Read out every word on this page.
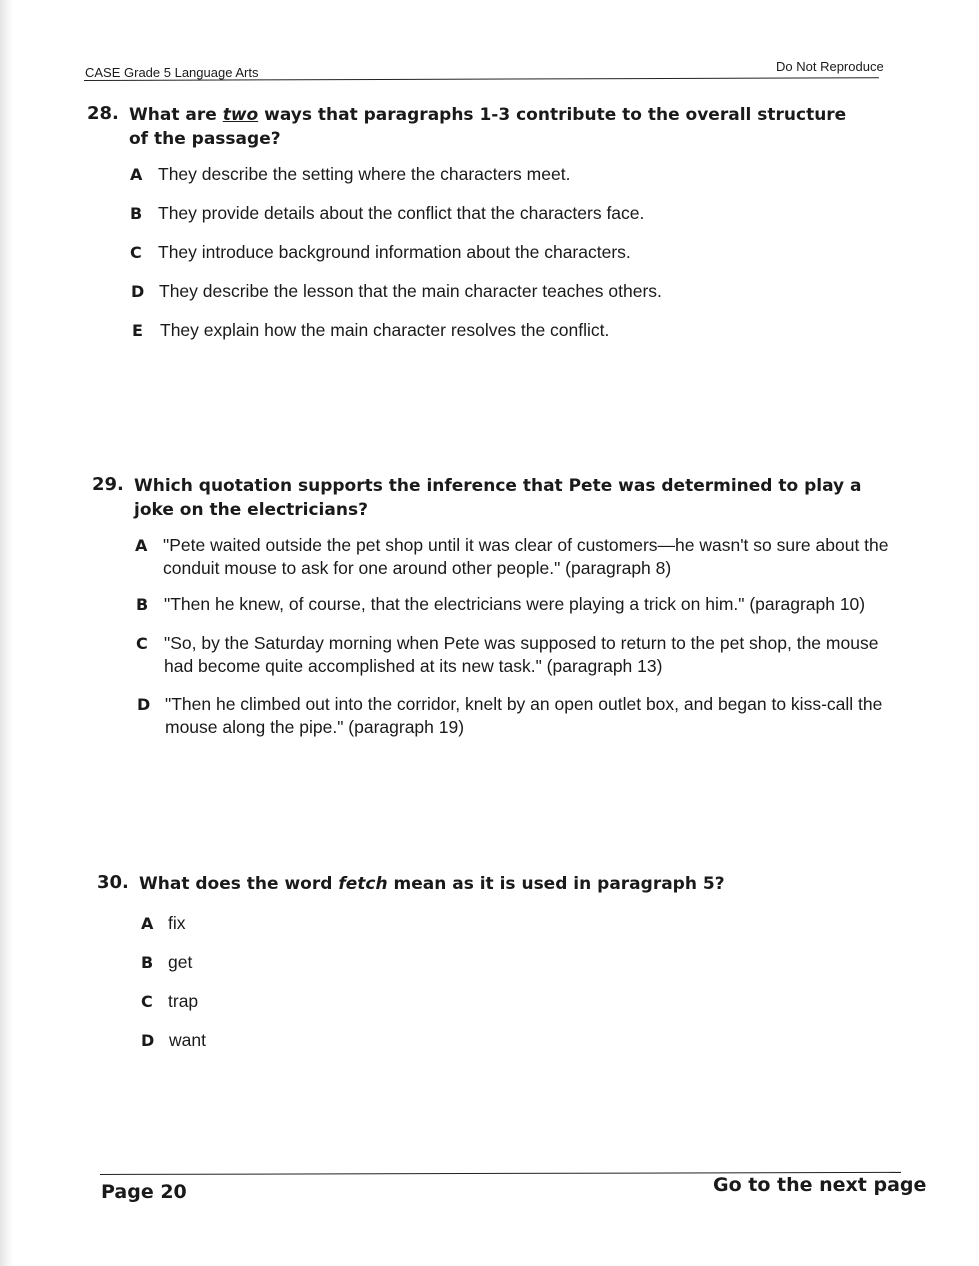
CASE Grade 5 Language Arts	Do Not Reproduce
28. What are two ways that paragraphs 1-3 contribute to the overall structure of the passage?
A They describe the setting where the characters meet.
B They provide details about the conflict that the characters face.
C They introduce background information about the characters.
D They describe the lesson that the main character teaches others.
E They explain how the main character resolves the conflict.
29. Which quotation supports the inference that Pete was determined to play a joke on the electricians?
A "Pete waited outside the pet shop until it was clear of customers—he wasn't so sure about the conduit mouse to ask for one around other people." (paragraph 8)
B "Then he knew, of course, that the electricians were playing a trick on him." (paragraph 10)
C "So, by the Saturday morning when Pete was supposed to return to the pet shop, the mouse had become quite accomplished at its new task." (paragraph 13)
D "Then he climbed out into the corridor, knelt by an open outlet box, and began to kiss-call the mouse along the pipe." (paragraph 19)
30. What does the word fetch mean as it is used in paragraph 5?
A fix
B get
C trap
D want
Page 20	Go to the next page
